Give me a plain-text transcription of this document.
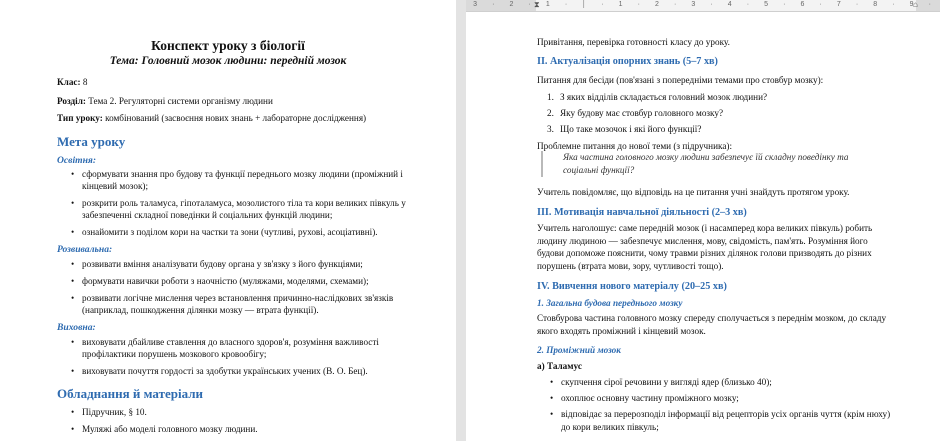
3 · 2 · 1 · │ · 1 · 2 · 3 · 4 · 5 · 6 · 7 · 8 · 9 ·
⧗	⌂
Конспект уроку з біології
Тема: Головний мозок людини: передній мозок
Клас: 8
Розділ: Тема 2. Регуляторні системи організму людини
Тип уроку: комбінований (засвоєння нових знань + лабораторне дослідження)
Мета уроку
Освітня:
• сформувати знання про будову та функції переднього мозку людини (проміжний і
кінцевий мозок);
• розкрити роль таламуса, гіпоталамуса, мозолистого тіла та кори великих півкуль у
забезпеченні складної поведінки й соціальних функцій людини;
• ознайомити з поділом кори на частки та зони (чутливі, рухові, асоціативні).
Розвивальна:
• розвивати вміння аналізувати будову органа у зв'язку з його функціями;
• формувати навички роботи з наочністю (муляжами, моделями, схемами);
• розвивати логічне мислення через встановлення причинно-наслідкових зв'язків
(наприклад, пошкодження ділянки мозку — втрата функції).
Виховна:
• виховувати дбайливе ставлення до власного здоров'я, розуміння важливості
профілактики порушень мозкового кровообігу;
• виховувати почуття гордості за здобутки українських учених (В. О. Бец).
Обладнання й матеріали
• Підручник, § 10.
• Муляжі або моделі головного мозку людини.
Привітання, перевірка готовності класу до уроку.
II. Актуалізація опорних знань (5–7 хв)
Питання для бесіди (пов'язані з попередніми темами про стовбур мозку):
1. З яких відділів складається головний мозок людини?
2. Яку будову має стовбур головного мозку?
3. Що таке мозочок і які його функції?
Проблемне питання до нової теми (з підручника):
Яка частина головного мозку людини забезпечує їй складну поведінку та
соціальні функції?
Учитель повідомляє, що відповідь на це питання учні знайдуть протягом уроку.
III. Мотивація навчальної діяльності (2–3 хв)
Учитель наголошує: саме передній мозок (і насамперед кора великих півкуль) робить
людину людиною — забезпечує мислення, мову, свідомість, пам'ять. Розуміння його
будови допоможе пояснити, чому травми різних ділянок голови призводять до різних
порушень (втрата мови, зору, чутливості тощо).
IV. Вивчення нового матеріалу (20–25 хв)
1. Загальна будова переднього мозку
Стовбурова частина головного мозку спереду сполучається з переднім мозком, до складу
якого входять проміжний і кінцевий мозок.
2. Проміжний мозок
а) Таламус
• скупчення сірої речовини у вигляді ядер (близько 40);
• охоплює основну частину проміжного мозку;
• відповідає за перерозподіл інформації від рецепторів усіх органів чуття (крім нюху)
до кори великих півкуль;
